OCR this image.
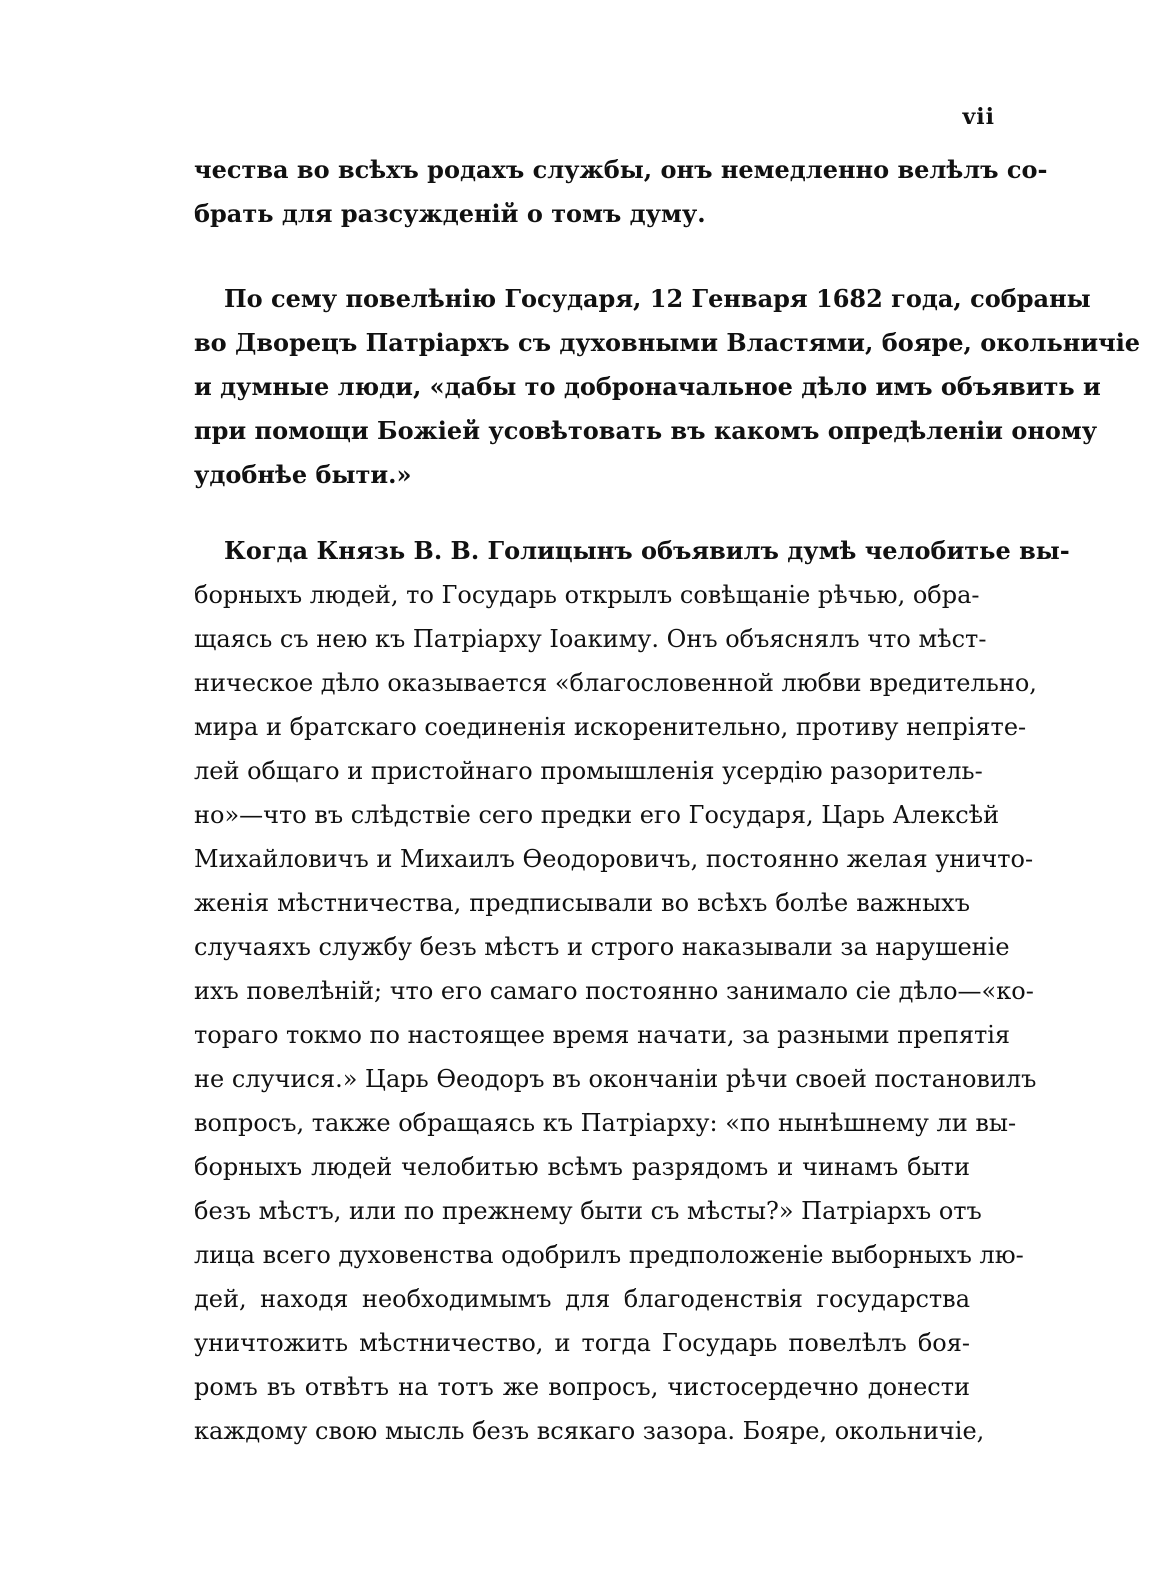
vii
чества во всѣхъ родахъ службы, онъ немедленно велѣлъ со-
брать для разсужденій о томъ думу.
По сему повелѣнію Государя, 12 Генваря 1682 года, собраны
во Дворецъ Патріархъ съ духовными Властями, бояре, окольничіе
и думные люди, «дабы то доброначальное дѣло имъ объявить и
при помощи Божіей усовѣтовать въ какомъ опредѣленіи оному
удобнѣе быти.»
Когда Князь В. В. Голицынъ объявилъ думѣ челобитье вы-
борныхъ людей, то Государь открылъ совѣщаніе рѣчью, обра-
щаясь съ нею къ Патріарху Іоакиму. Онъ объяснялъ что мѣст-
ническое дѣло оказывается «благословенной любви вредительно,
мира и братскаго соединенія искоренительно, противу непріяте-
лей общаго и пристойнаго промышленія усердію разоритель-
но»—что въ слѣдствіе сего предки его Государя, Царь Алексѣй
Михайловичъ и Михаилъ Өеодоровичъ, постоянно желая уничто-
женія мѣстничества, предписывали во всѣхъ болѣе важныхъ
случаяхъ службу безъ мѣстъ и строго наказывали за нарушеніе
ихъ повелѣній; что его самаго постоянно занимало сіе дѣло—«ко-
тораго токмо по настоящее время начати, за разными препятія
не случися.» Царь Өеодоръ въ окончаніи рѣчи своей постановилъ
вопросъ, также обращаясь къ Патріарху: «по нынѣшнему ли вы-
борныхъ людей челобитью всѣмъ разрядомъ и чинамъ быти
безъ мѣстъ, или по прежнему быти съ мѣсты?» Патріархъ отъ
лица всего духовенства одобрилъ предположеніе выборныхъ лю-
дей, находя необходимымъ для благоденствія государства
уничтожить мѣстничество, и тогда Государь повелѣлъ боя-
ромъ въ отвѣтъ на тотъ же вопросъ, чистосердечно донести
каждому свою мысль безъ всякаго зазора. Бояре, окольничіе,
